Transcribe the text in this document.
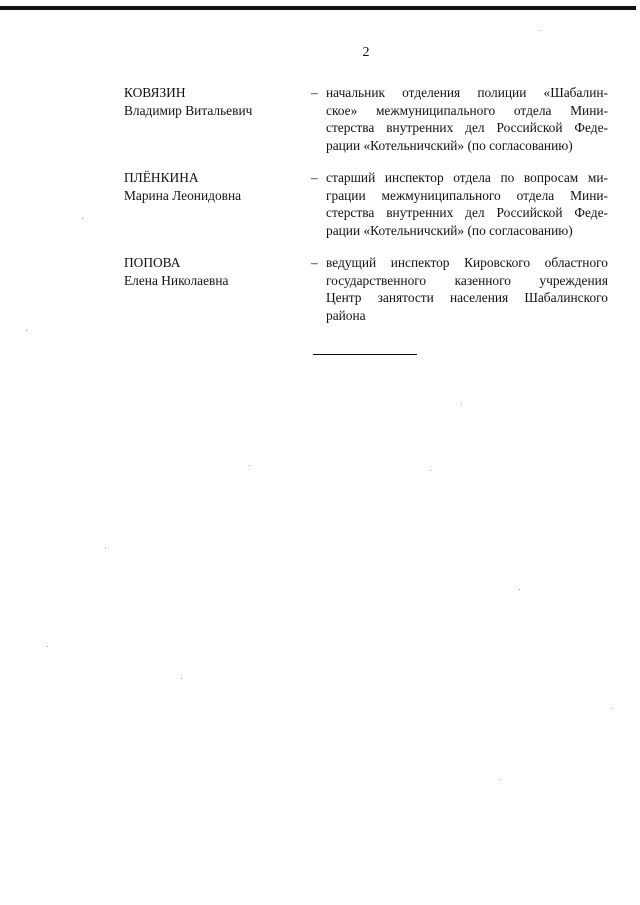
2
КОВЯЗИН
Владимир Витальевич
– начальник отделения полиции «Шабалин-
ское» межмуниципального отдела Мини-
стерства внутренних дел Российской Феде-
рации «Котельничский» (по согласованию)
ПЛЁНКИНА
Марина Леонидовна
– старший инспектор отдела по вопросам ми-
грации межмуниципального отдела Мини-
стерства внутренних дел Российской Феде-
рации «Котельничский» (по согласованию)
ПОПОВА
Елена Николаевна
– ведущий инспектор Кировского областного
государственного казенного учреждения
Центр занятости населения Шабалинского
района
